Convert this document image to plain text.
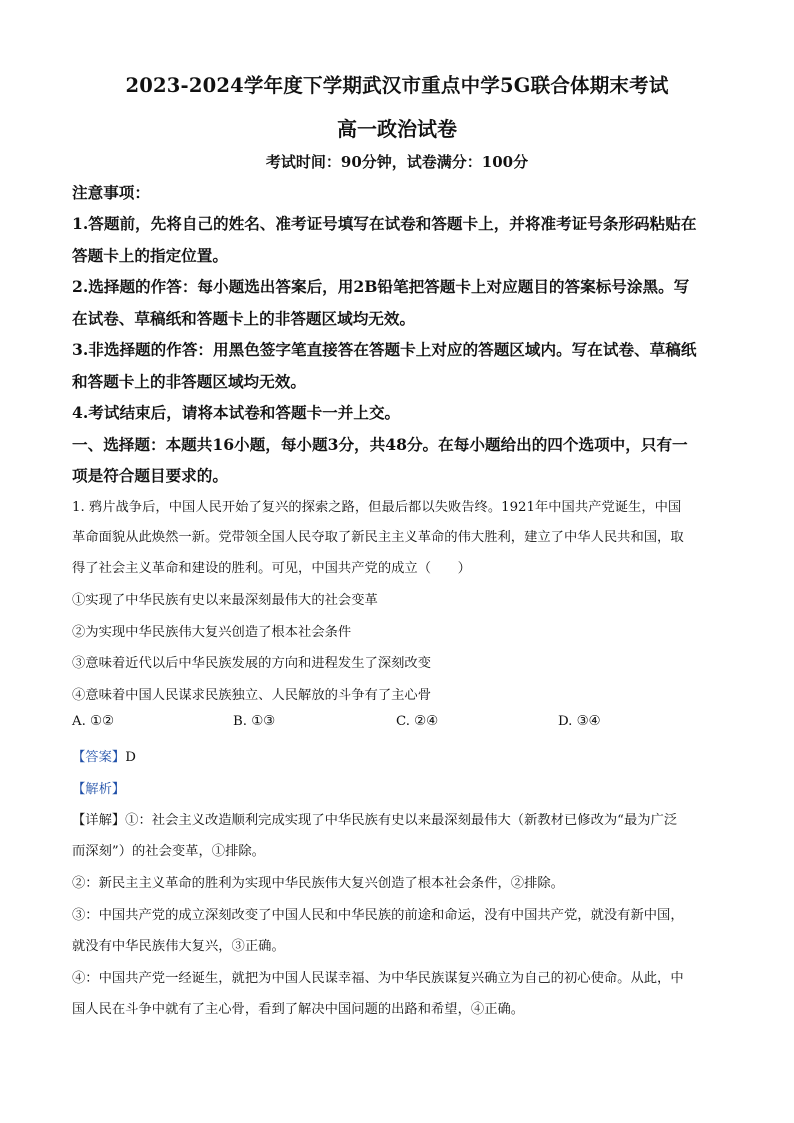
2023-2024学年度下学期武汉市重点中学5G联合体期末考试
高一政治试卷
考试时间：90分钟，试卷满分：100分
注意事项：
1.答题前，先将自己的姓名、准考证号填写在试卷和答题卡上，并将准考证号条形码粘贴在
答题卡上的指定位置。
2.选择题的作答：每小题选出答案后，用2B铅笔把答题卡上对应题目的答案标号涂黑。写
在试卷、草稿纸和答题卡上的非答题区域均无效。
3.非选择题的作答：用黑色签字笔直接答在答题卡上对应的答题区域内。写在试卷、草稿纸
和答题卡上的非答题区域均无效。
4.考试结束后，请将本试卷和答题卡一并上交。
一、选择题：本题共16小题，每小题3分，共48分。在每小题给出的四个选项中，只有一
项是符合题目要求的。
1. 鸦片战争后，中国人民开始了复兴的探索之路，但最后都以失败告终。1921年中国共产党诞生，中国
革命面貌从此焕然一新。党带领全国人民夺取了新民主主义革命的伟大胜利，建立了中华人民共和国，取
得了社会主义革命和建设的胜利。可见，中国共产党的成立（　　）
①实现了中华民族有史以来最深刻最伟大的社会变革
②为实现中华民族伟大复兴创造了根本社会条件
③意味着近代以后中华民族发展的方向和进程发生了深刻改变
④意味着中国人民谋求民族独立、人民解放的斗争有了主心骨
A. ①②	B. ①③	C. ②④	D. ③④
【答案】D
【解析】
【详解】①：社会主义改造顺利完成实现了中华民族有史以来最深刻最伟大（新教材已修改为“最为广泛
而深刻”）的社会变革，①排除。
②：新民主主义革命的胜利为实现中华民族伟大复兴创造了根本社会条件，②排除。
③：中国共产党的成立深刻改变了中国人民和中华民族的前途和命运，没有中国共产党，就没有新中国，
就没有中华民族伟大复兴，③正确。
④：中国共产党一经诞生，就把为中国人民谋幸福、为中华民族谋复兴确立为自己的初心使命。从此，中
国人民在斗争中就有了主心骨，看到了解决中国问题的出路和希望，④正确。
